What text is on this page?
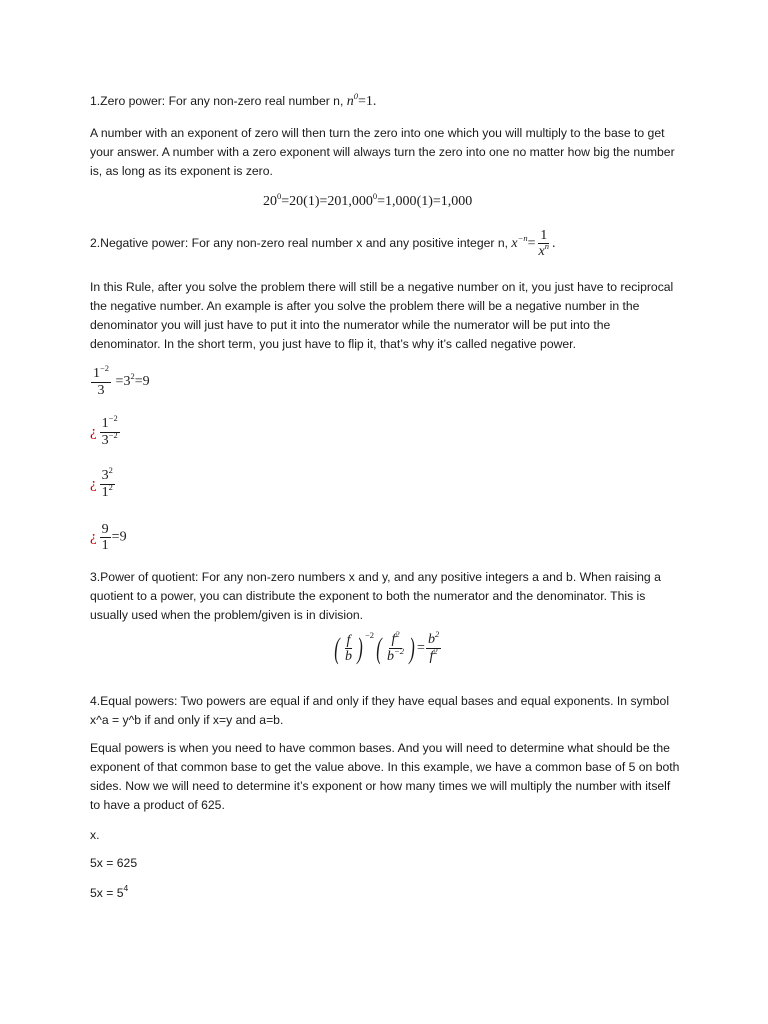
1.Zero power: For any non-zero real number n, $n^0=1$.

A number with an exponent of zero will then turn the zero into one which you will multiply to the base to get your answer. A number with a zero exponent will always turn the zero into one no matter how big the number is, as long as its exponent is zero.

$20^0=20(1)=201,000^0=1,000(1)=1,000$
2.Negative power: For any non-zero real number x and any positive integer n, $x^{-n}= \frac{1}{x^n}$ .

In this Rule, after you solve the problem there will still be a negative number on it, you just have to reciprocal the negative number. An example is after you solve the problem there will be a negative number in the denominator you will just have to put it into the numerator while the numerator will be put into the denominator. In the short term, you just have to flip it, that’s why it’s called negative power.

$\frac{1^{-2}}{3} =3^2=9$
¿ $\frac{1^{-2}}{3^{-2}}$
¿ $\frac{3^2}{1^2}$
¿ $\frac{9}{1} =9$

3.Power of quotient: For any non-zero numbers x and y, and any positive integers a and b. When raising a quotient to a power, you can distribute the exponent to both the numerator and the denominator. This is usually used when the problem/given is in division.

( $\frac{f}{b}$ ) $^{-2}( \frac{f^2}{b^{-2}}$ ) = $\frac{b^2}{f^2}$

4.Equal powers: Two powers are equal if and only if they have equal bases and equal exponents. In symbol x^a = y^b if and only if x=y and a=b.

Equal powers is when you need to have common bases. And you will need to determine what should be the exponent of that common base to get the value above. In this example, we have a common base of 5 on both sides. Now we will need to determine it’s exponent or how many times we will multiply the number with itself to have a product of 625.

x.

5x = 625

$5x = 5^4$
